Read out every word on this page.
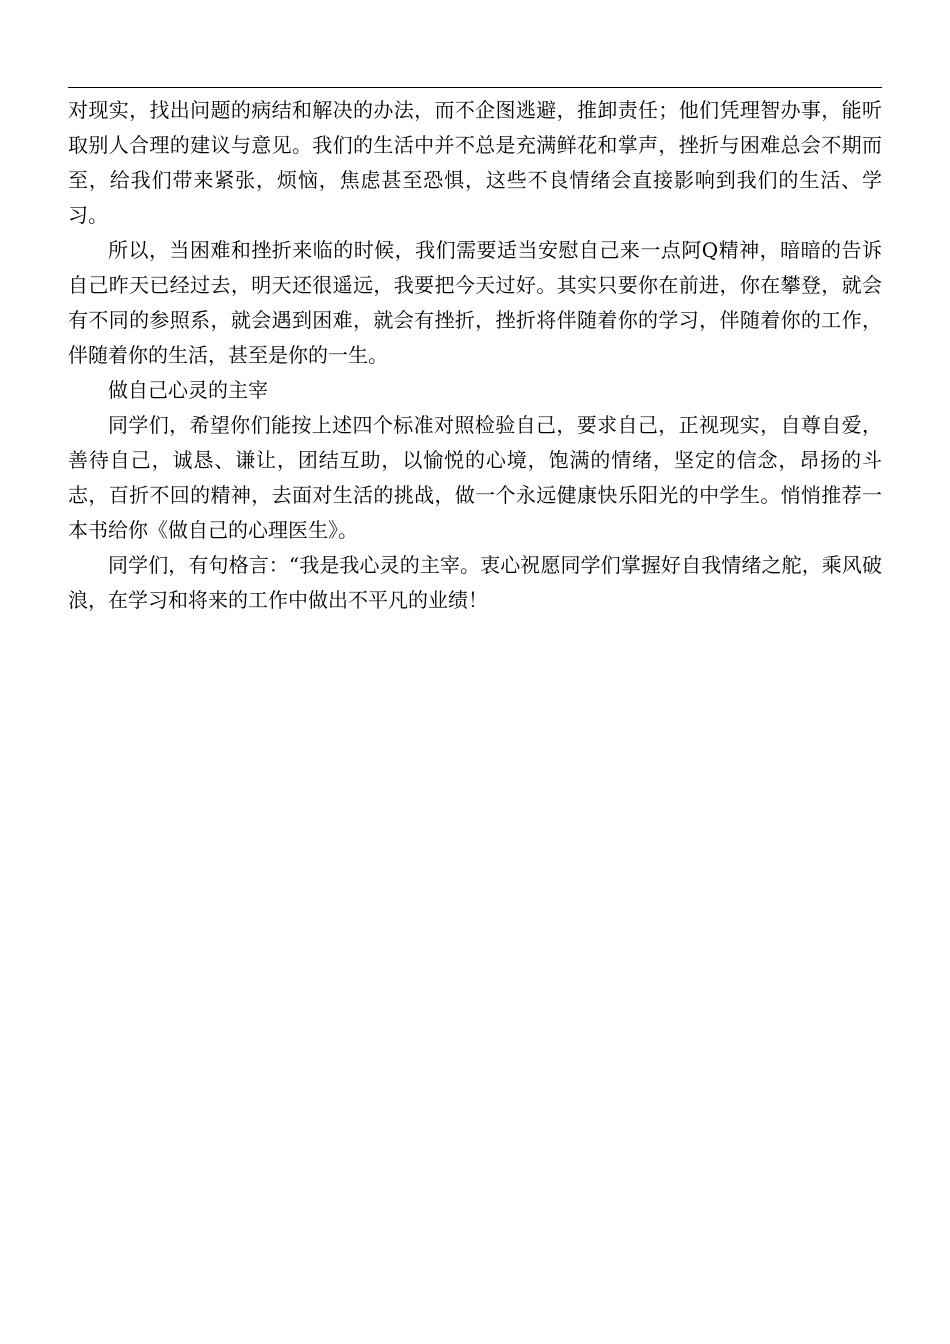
对现实，找出问题的病结和解决的办法，而不企图逃避，推卸责任；他们凭理智办事，能听取别人合理的建议与意见。我们的生活中并不总是充满鲜花和掌声，挫折与困难总会不期而至，给我们带来紧张，烦恼，焦虑甚至恐惧，这些不良情绪会直接影响到我们的生活、学习。

所以，当困难和挫折来临的时候，我们需要适当安慰自己来一点阿Q精神，暗暗的告诉自己昨天已经过去，明天还很遥远，我要把今天过好。其实只要你在前进，你在攀登，就会有不同的参照系，就会遇到困难，就会有挫折，挫折将伴随着你的学习，伴随着你的工作，伴随着你的生活，甚至是你的一生。

做自己心灵的主宰

同学们，希望你们能按上述四个标准对照检验自己，要求自己，正视现实，自尊自爱，善待自己，诚恳、谦让，团结互助，以愉悦的心境，饱满的情绪，坚定的信念，昂扬的斗志，百折不回的精神，去面对生活的挑战，做一个永远健康快乐阳光的中学生。悄悄推荐一本书给你《做自己的心理医生》。

同学们，有句格言：“我是我心灵的主宰。衷心祝愿同学们掌握好自我情绪之舵，乘风破浪，在学习和将来的工作中做出不平凡的业绩！
